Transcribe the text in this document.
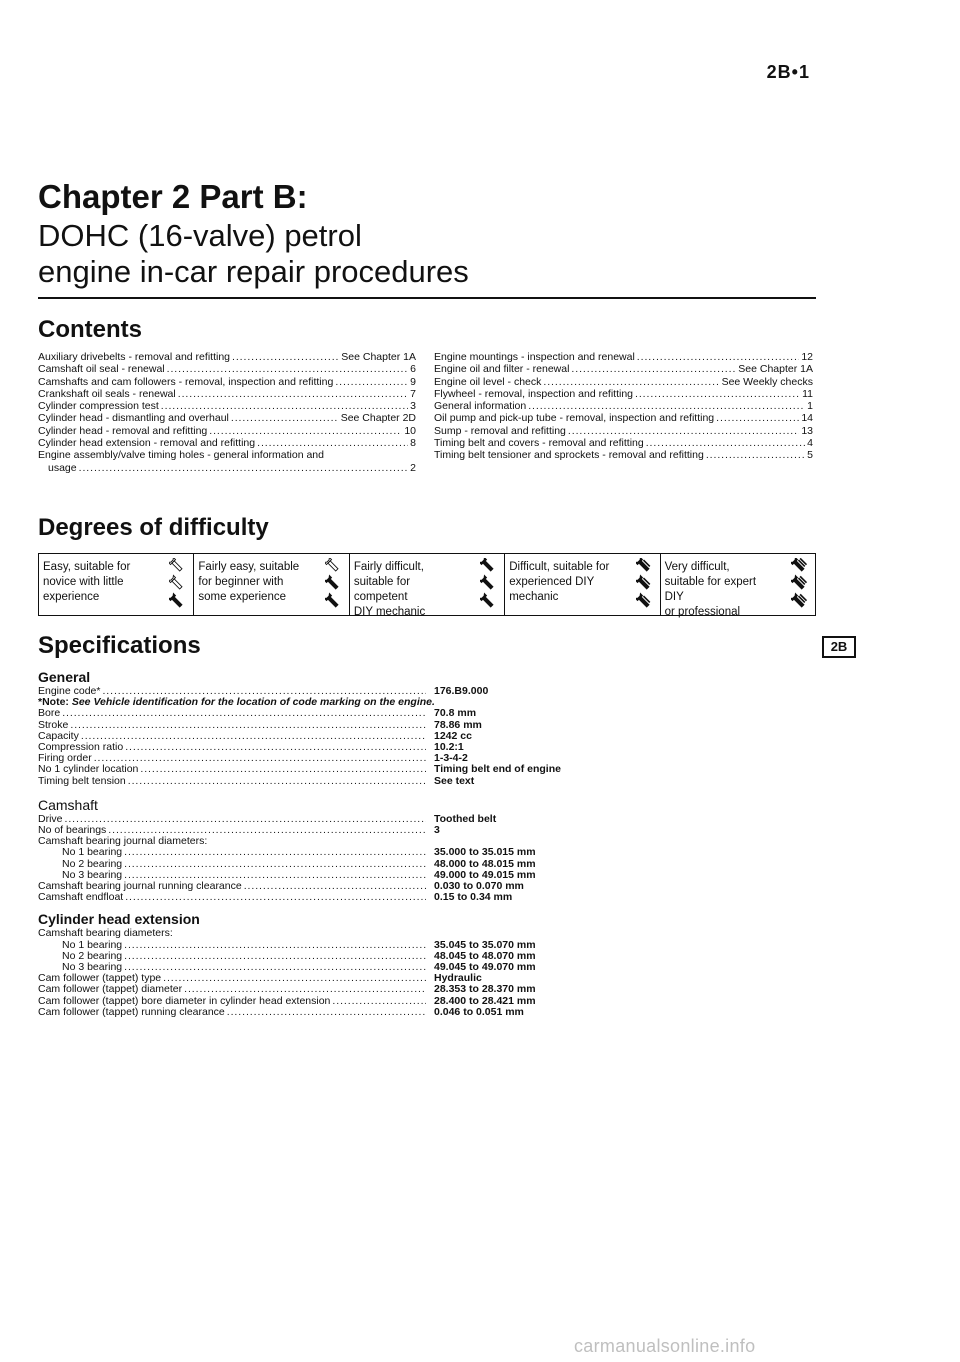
2B•1
Chapter 2 Part B:
DOHC (16-valve) petrol
engine in-car repair procedures
Contents
Auxiliary drivebelts - removal and refitting . . .	See Chapter 1A
Camshaft oil seal - renewal . . .	6
Camshafts and cam followers - removal, inspection and refitting . . .	9
Crankshaft oil seals - renewal . . .	7
Cylinder compression test . . .	3
Cylinder head - dismantling and overhaul . . .	See Chapter 2D
Cylinder head - removal and refitting . . .	10
Cylinder head extension - removal and refitting . . .	8
Engine assembly/valve timing holes - general information and
usage . . .	2
Engine mountings - inspection and renewal . . .	12
Engine oil and filter - renewal . . .	See Chapter 1A
Engine oil level - check . . .	See Weekly checks
Flywheel - removal, inspection and refitting . . .	11
General information . . .	1
Oil pump and pick-up tube - removal, inspection and refitting . . .	14
Sump - removal and refitting . . .	13
Timing belt and covers - removal and refitting . . .	4
Timing belt tensioner and sprockets - removal and refitting . . .	5
Degrees of difficulty
Easy, suitable for
novice with little
experience
Fairly easy, suitable
for beginner with
some experience
Fairly difficult,
suitable for competent
DIY mechanic
Difficult, suitable for
experienced DIY
mechanic
Very difficult,
suitable for expert DIY
or professional
Specifications	2B
General
Engine code* . . .	176.B9.000
*Note: See Vehicle identification for the location of code marking on the engine.
Bore . . .	70.8 mm
Stroke . . .	78.86 mm
Capacity . . .	1242 cc
Compression ratio . . .	10.2:1
Firing order . . .	1-3-4-2
No 1 cylinder location . . .	Timing belt end of engine
Timing belt tension . . .	See text
Camshaft
Drive . . .	Toothed belt
No of bearings . . .	3
Camshaft bearing journal diameters:
No 1 bearing . . .	35.000 to 35.015 mm
No 2 bearing . . .	48.000 to 48.015 mm
No 3 bearing . . .	49.000 to 49.015 mm
Camshaft bearing journal running clearance . . .	0.030 to 0.070 mm
Camshaft endfloat . . .	0.15 to 0.34 mm
Cylinder head extension
Camshaft bearing diameters:
No 1 bearing . . .	35.045 to 35.070 mm
No 2 bearing . . .	48.045 to 48.070 mm
No 3 bearing . . .	49.045 to 49.070 mm
Cam follower (tappet) type . . .	Hydraulic
Cam follower (tappet) diameter . . .	28.353 to 28.370 mm
Cam follower (tappet) bore diameter in cylinder head extension . . .	28.400 to 28.421 mm
Cam follower (tappet) running clearance . . .	0.046 to 0.051 mm
carmanualsonline.info
